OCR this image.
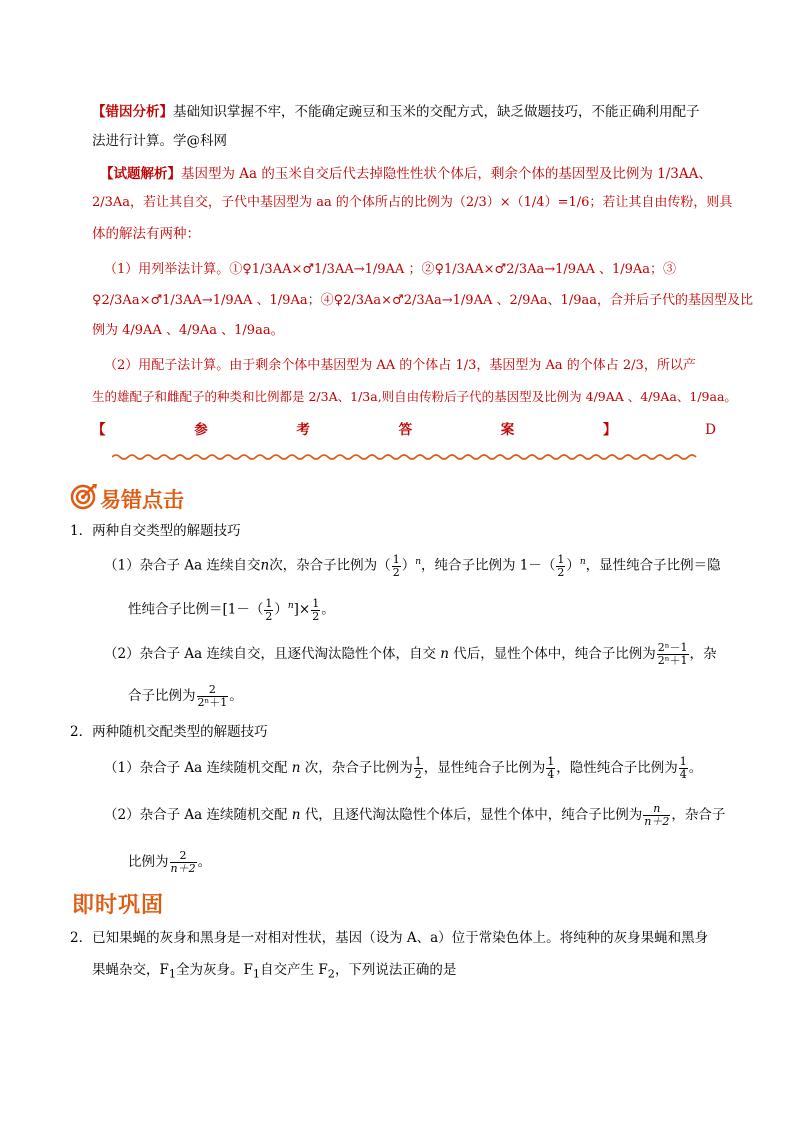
【错因分析】基础知识掌握不牢，不能确定豌豆和玉米的交配方式，缺乏做题技巧，不能正确利用配子
法进行计算。学@科网
【试题解析】基因型为 Aa 的玉米自交后代去掉隐性性状个体后，剩余个体的基因型及比例为 1/3AA、
2/3Aa，若让其自交，子代中基因型为 aa 的个体所占的比例为（2/3）×（1/4）=1/6；若让其自由传粉，则具
体的解法有两种：
（1）用列举法计算。①♀1/3AA×♂1/3AA→1/9AA ；②♀1/3AA×♂2/3Aa→1/9AA 、1/9Aa；③
♀2/3Aa×♂1/3AA→1/9AA 、1/9Aa；④♀2/3Aa×♂2/3Aa→1/9AA 、2/9Aa、1/9aa，合并后子代的基因型及比
例为 4/9AA 、4/9Aa 、1/9aa。
（2）用配子法计算。由于剩余个体中基因型为 AA 的个体占 1/3，基因型为 Aa 的个体占 2/3，所以产
生的雄配子和雌配子的种类和比例都是 2/3A、1/3a,则自由传粉后子代的基因型及比例为 4/9AA 、4/9Aa、1/9aa。
【	参	考	答	案	】	D
易错点击
1．两种自交类型的解题技巧
（1）杂合子 Aa 连续自交n次，杂合子比例为（ $\frac{1}{2} )^n$，纯合子比例为 $1-( \frac{1}{2} )^n$，显性纯合子比例＝隐
性纯合子比例$=[1-( \frac{1}{2} )^n]\times \frac{1}{2}$ 。
（2）杂合子 Aa 连续自交，且逐代淘汰隐性个体，自交 n 代后，显性个体中，纯合子比例为 $\frac{\text{2ⁿ－1}}{\text{2ⁿ＋1}}$ ，杂
合子比例为 $\frac{2}{\text{2ⁿ＋1}}$ 。
2．两种随机交配类型的解题技巧
（1）杂合子 Aa 连续随机交配 n 次，杂合子比例为 $\frac{1}{2}$ ，显性纯合子比例为 $\frac{1}{4}$ ，隐性纯合子比例为 $\frac{1}{4}$ 。
（2）杂合子 Aa 连续随机交配 n 代，且逐代淘汰隐性个体后，显性个体中，纯合子比例为 $\frac{n}{n+2}$ ，杂合子
比例为 $\frac{2}{n+2}$ 。
即时巩固
2．已知果蝇的灰身和黑身是一对相对性状，基因（设为 A、a）位于常染色体上。将纯种的灰身果蝇和黑身
果蝇杂交，$F_1$全为灰身。$F_1$自交产生 $F_2$，下列说法正确的是
